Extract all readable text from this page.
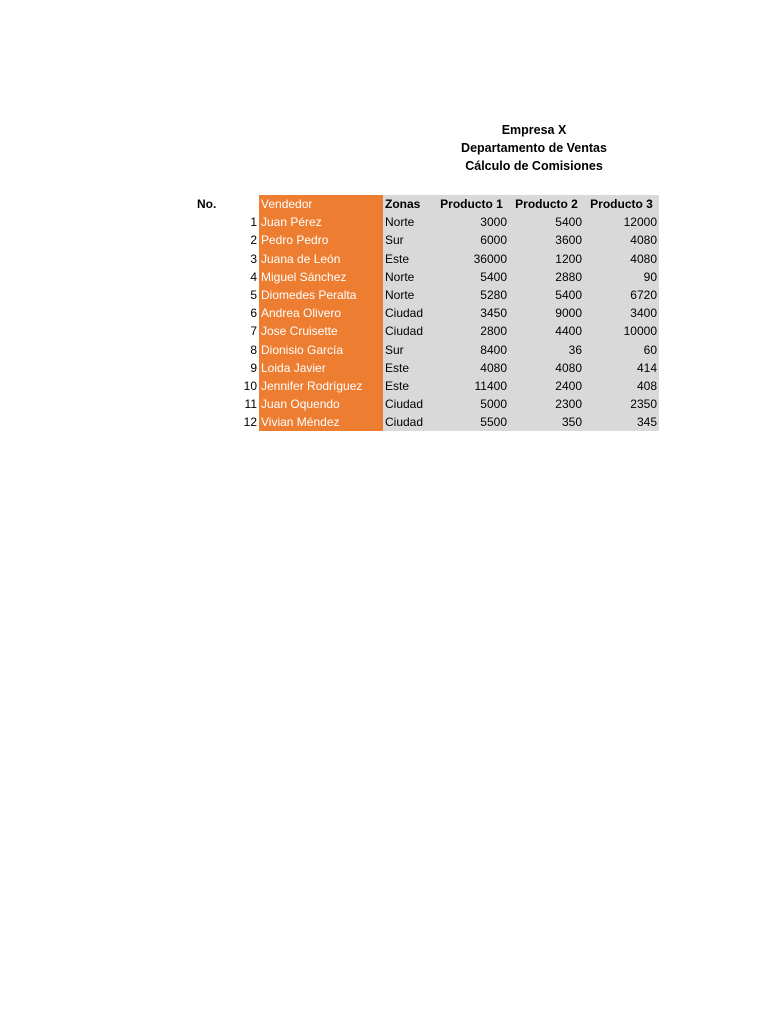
Empresa X
Departamento de Ventas
Cálculo de Comisiones
No.	Vendedor	Zonas	Producto 1	Producto 2	Producto 3
1	Juan Pérez	Norte	3000	5400	12000
2	Pedro Pedro	Sur	6000	3600	4080
3	Juana de León	Este	36000	1200	4080
4	Miguel Sánchez	Norte	5400	2880	90
5	Diomedes Peralta	Norte	5280	5400	6720
6	Andrea Olivero	Ciudad	3450	9000	3400
7	Jose Cruisette	Ciudad	2800	4400	10000
8	Dionisio García	Sur	8400	36	60
9	Loida Javier	Este	4080	4080	414
10	Jennifer Rodríguez	Este	11400	2400	408
11	Juan Oquendo	Ciudad	5000	2300	2350
12	Vivian Méndez	Ciudad	5500	350	345
